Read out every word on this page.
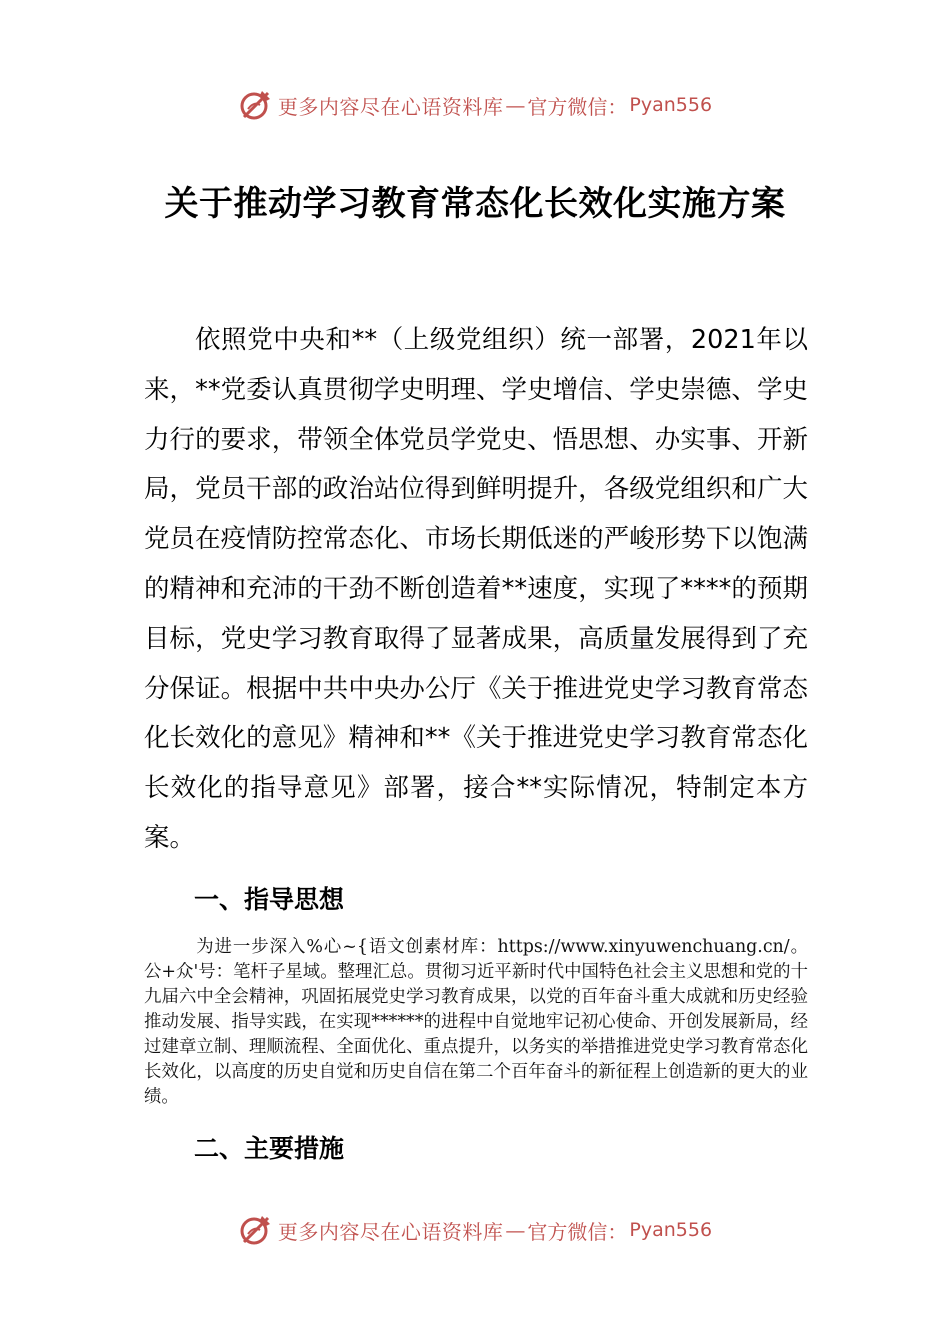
更多内容尽在心语资料库 — 官方微信： Pyan556
关于推动学习教育常态化长效化实施方案

依照党中央和**（上级党组织）统一部署，2021年以来，**党委认真贯彻学史明理、学史增信、学史崇德、学史力行的要求，带领全体党员学党史、悟思想、办实事、开新局，党员干部的政治站位得到鲜明提升，各级党组织和广大党员在疫情防控常态化、市场长期低迷的严峻形势下以饱满的精神和充沛的干劲不断创造着**速度，实现了****的预期目标，党史学习教育取得了显著成果，高质量发展得到了充分保证。根据中共中央办公厅《关于推进党史学习教育常态化长效化的意见》精神和**《关于推进党史学习教育常态化长效化的指导意见》部署，接合**实际情况，特制定本方案。

一、指导思想

为进一步深入%心~{语文创素材库：https://www.xinyuwenchuang.cn/。公+众'号：笔杆子星域。整理汇总。贯彻习近平新时代中国特色社会主义思想和党的十九届六中全会精神，巩固拓展党史学习教育成果，以党的百年奋斗重大成就和历史经验推动发展、指导实践，在实现******的进程中自觉地牢记初心使命、开创发展新局，经过建章立制、理顺流程、全面优化、重点提升，以务实的举措推进党史学习教育常态化长效化，以高度的历史自觉和历史自信在第二个百年奋斗的新征程上创造新的更大的业绩。

二、主要措施
更多内容尽在心语资料库 — 官方微信： Pyan556
